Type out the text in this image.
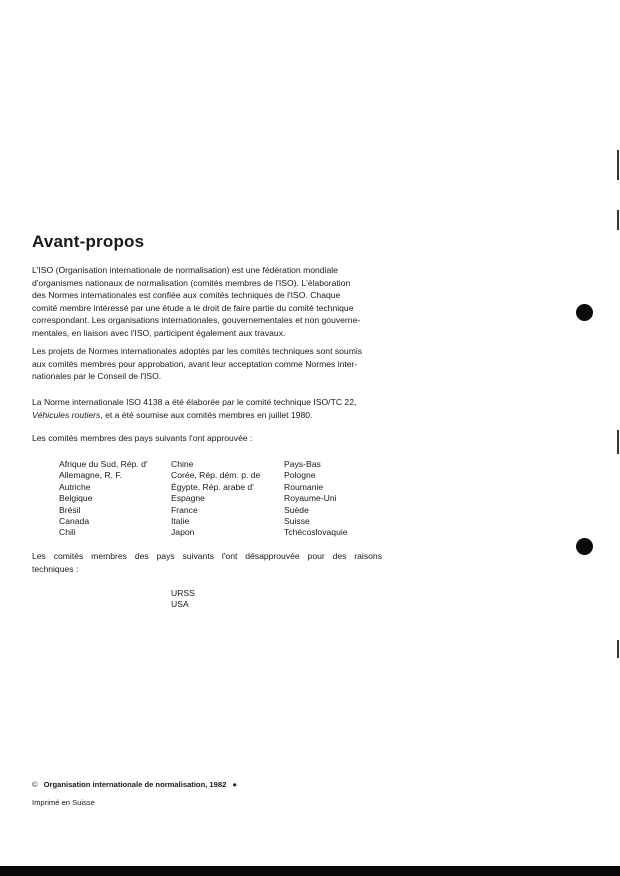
Avant-propos

L'ISO (Organisation internationale de normalisation) est une fédération mondiale
d'organismes nationaux de normalisation (comités membres de l'ISO). L'élaboration
des Normes internationales est confiée aux comités techniques de l'ISO. Chaque
comité membre intéressé par une étude a le droit de faire partie du comité technique
correspondant. Les organisations internationales, gouvernementales et non gouverne-
mentales, en liaison avec l'ISO, participent également aux travaux.

Les projets de Normes internationales adoptés par les comités techniques sont soumis
aux comités membres pour approbation, avant leur acceptation comme Normes inter-
nationales par le Conseil de l'ISO.

La Norme internationale ISO 4138 a été élaborée par le comité technique ISO/TC 22,
Véhicules routiers, et a été soumise aux comités membres en juillet 1980.

Les comités membres des pays suivants l'ont approuvée :

Afrique du Sud, Rép. d'
Allemagne, R. F.
Autriche
Belgique
Brésil
Canada
Chili
Chine
Corée, Rép. dém. p. de
Égypte, Rép. arabe d'
Espagne
France
Italie
Japon
Pays-Bas
Pologne
Roumanie
Royaume-Uni
Suède
Suisse
Tchécoslovaquie

Les comités membres des pays suivants l'ont désapprouvée pour des raisons
techniques :

URSS
USA
© Organisation internationale de normalisation, 1982 ●
Imprimé en Suisse
